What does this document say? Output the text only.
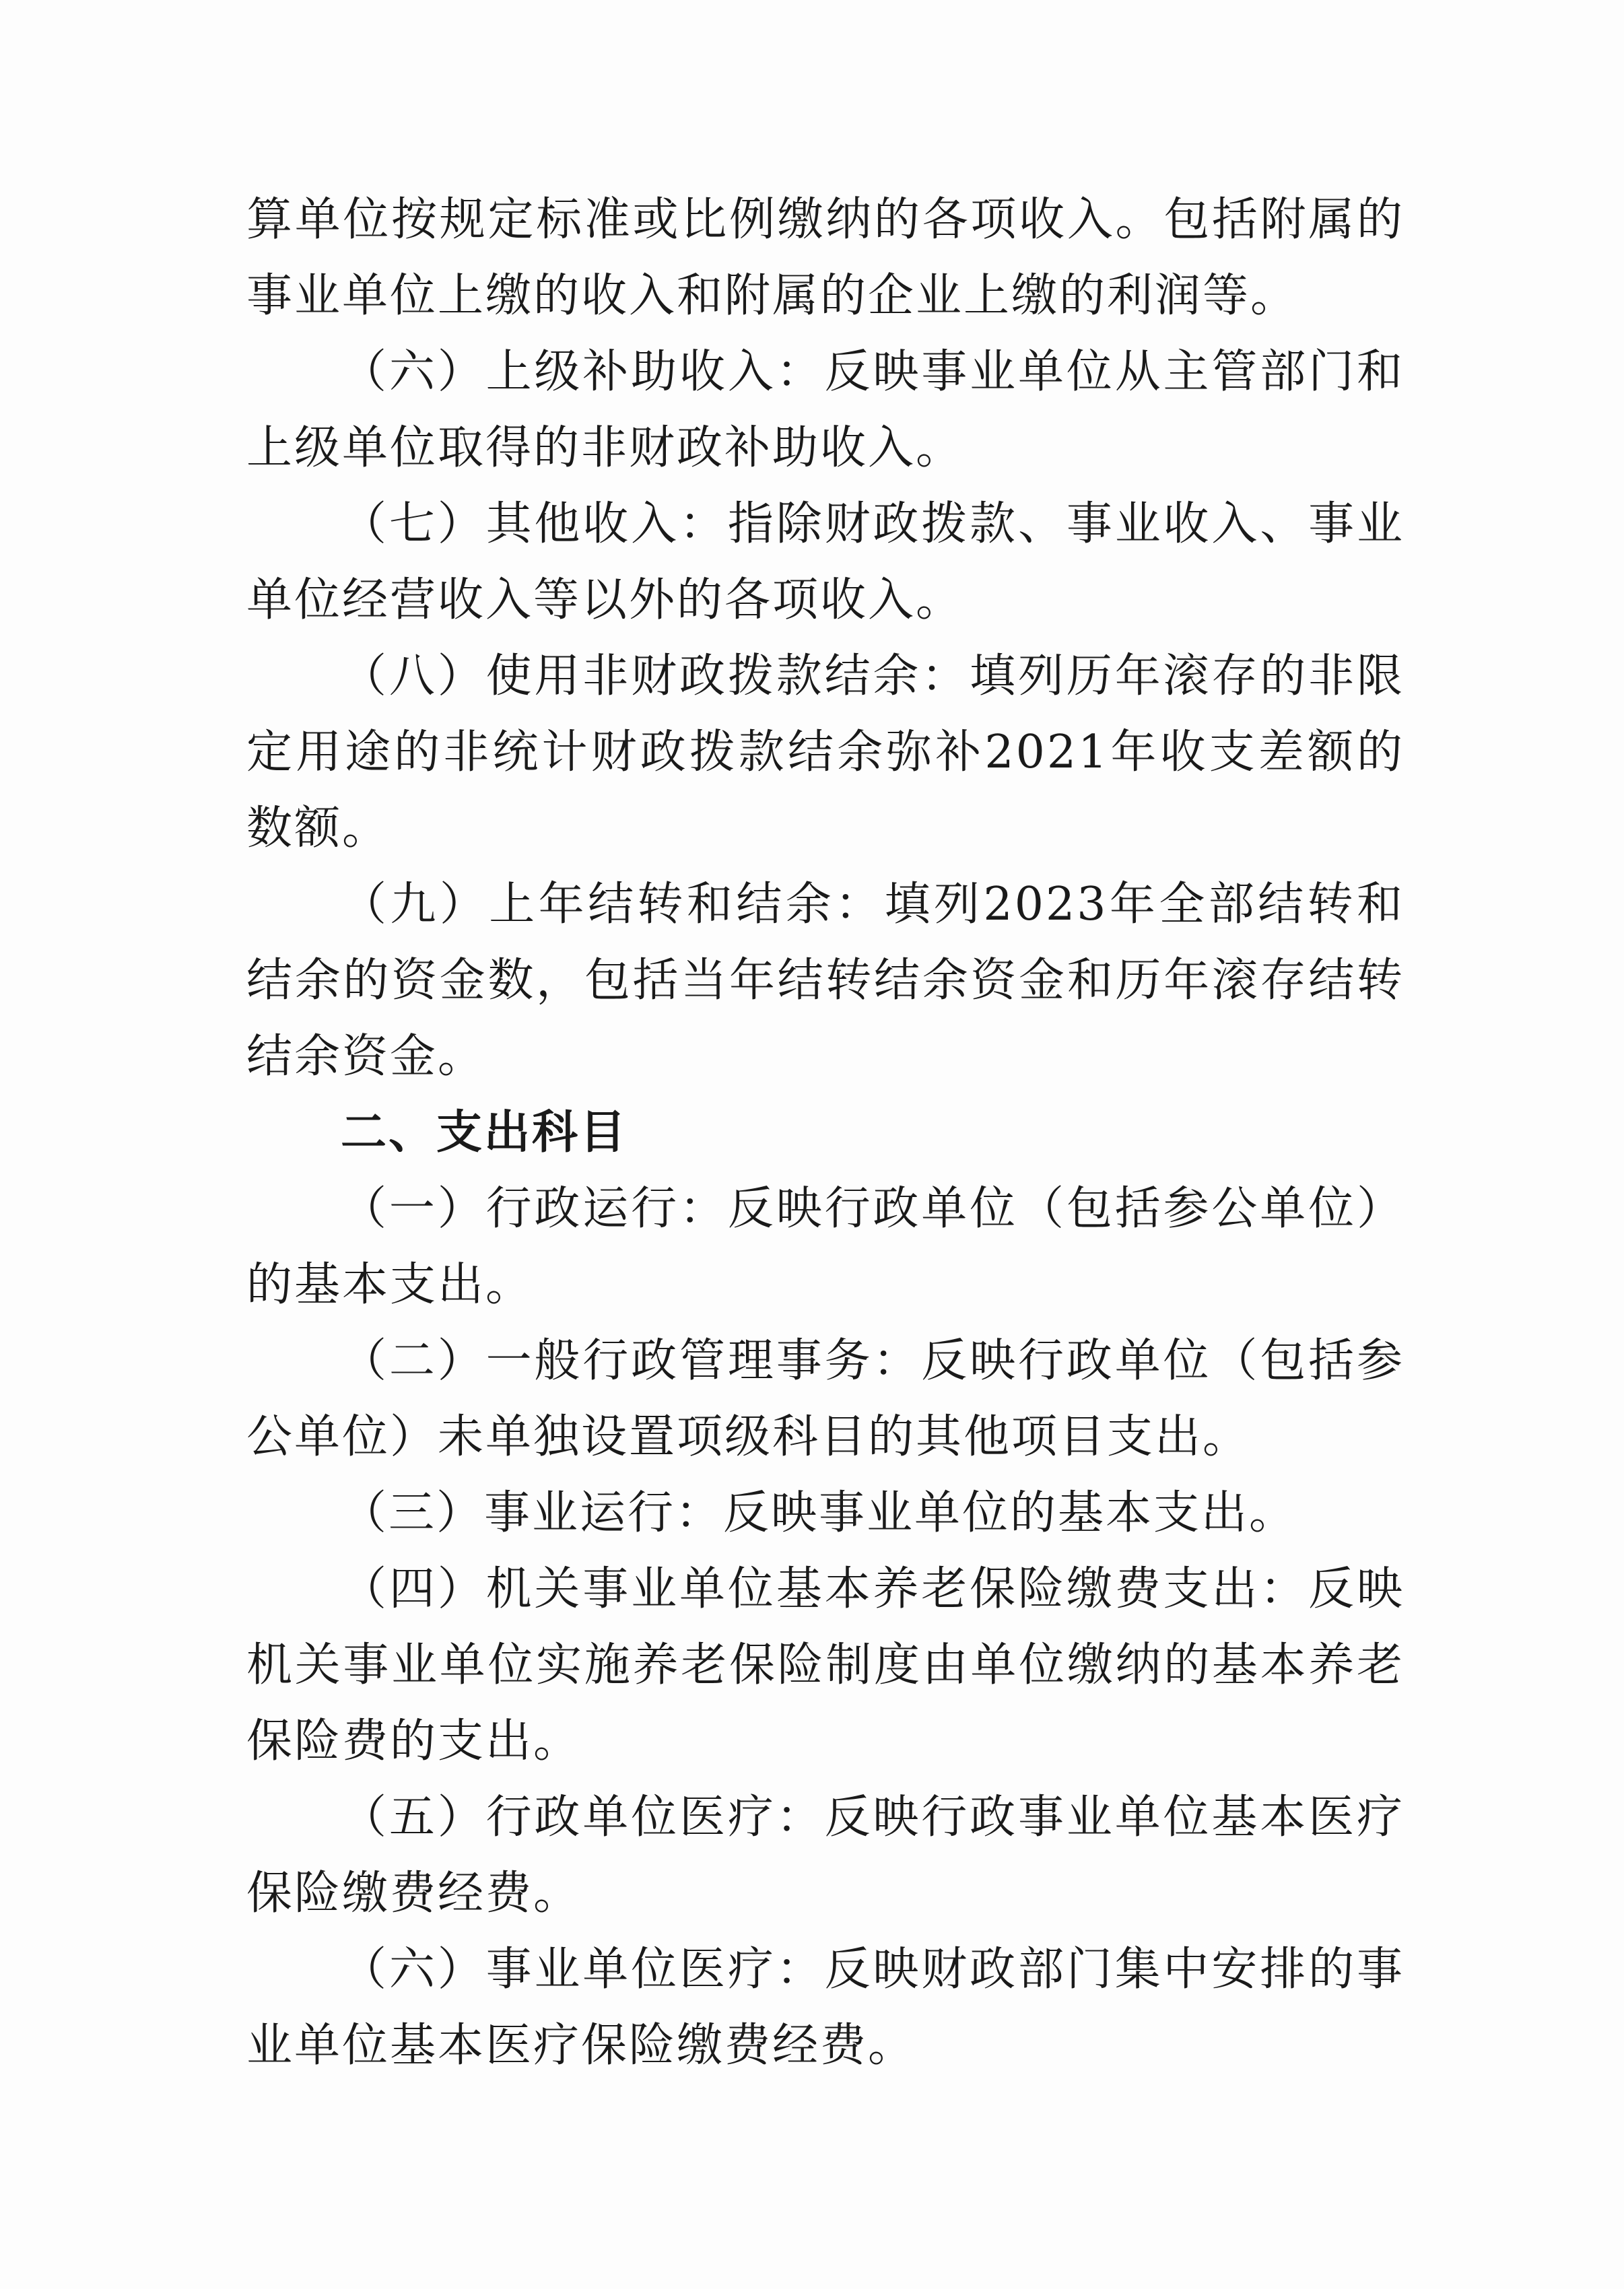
算单位按规定标准或比例缴纳的各项收入。包括附属的事业单位上缴的收入和附属的企业上缴的利润等。

（六）上级补助收入：反映事业单位从主管部门和上级单位取得的非财政补助收入。

（七）其他收入：指除财政拨款、事业收入、事业单位经营收入等以外的各项收入。

（八）使用非财政拨款结余：填列历年滚存的非限定用途的非统计财政拨款结余弥补2021年收支差额的数额。

（九）上年结转和结余：填列2023年全部结转和结余的资金数，包括当年结转结余资金和历年滚存结转结余资金。

二、支出科目

（一）行政运行：反映行政单位（包括参公单位）的基本支出。

（二）一般行政管理事务：反映行政单位（包括参公单位）未单独设置项级科目的其他项目支出。

（三）事业运行：反映事业单位的基本支出。

（四）机关事业单位基本养老保险缴费支出：反映机关事业单位实施养老保险制度由单位缴纳的基本养老保险费的支出。

（五）行政单位医疗：反映行政事业单位基本医疗保险缴费经费。

（六）事业单位医疗：反映财政部门集中安排的事业单位基本医疗保险缴费经费。
